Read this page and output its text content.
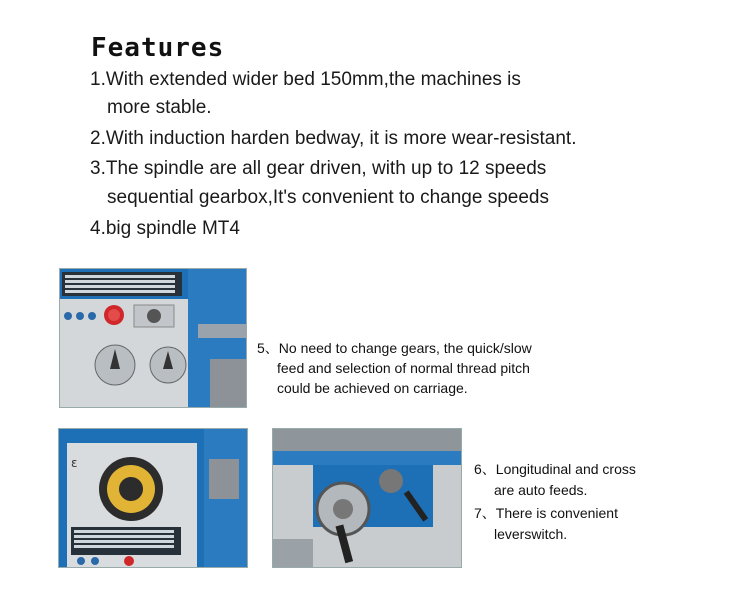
Features
1.With extended wider bed 150mm,the machines is
more stable.
2.With induction harden bedway, it is more wear-resistant.
3.The spindle are all gear driven, with up to 12 speeds
sequential gearbox,It's convenient to change speeds
4.big spindle MT4
5、No need to change gears, the quick/slow
feed and selection of normal thread pitch
could be achieved on carriage.
ε	6、Longitudinal and cross
are auto feeds.
7、There is convenient
leverswitch.
